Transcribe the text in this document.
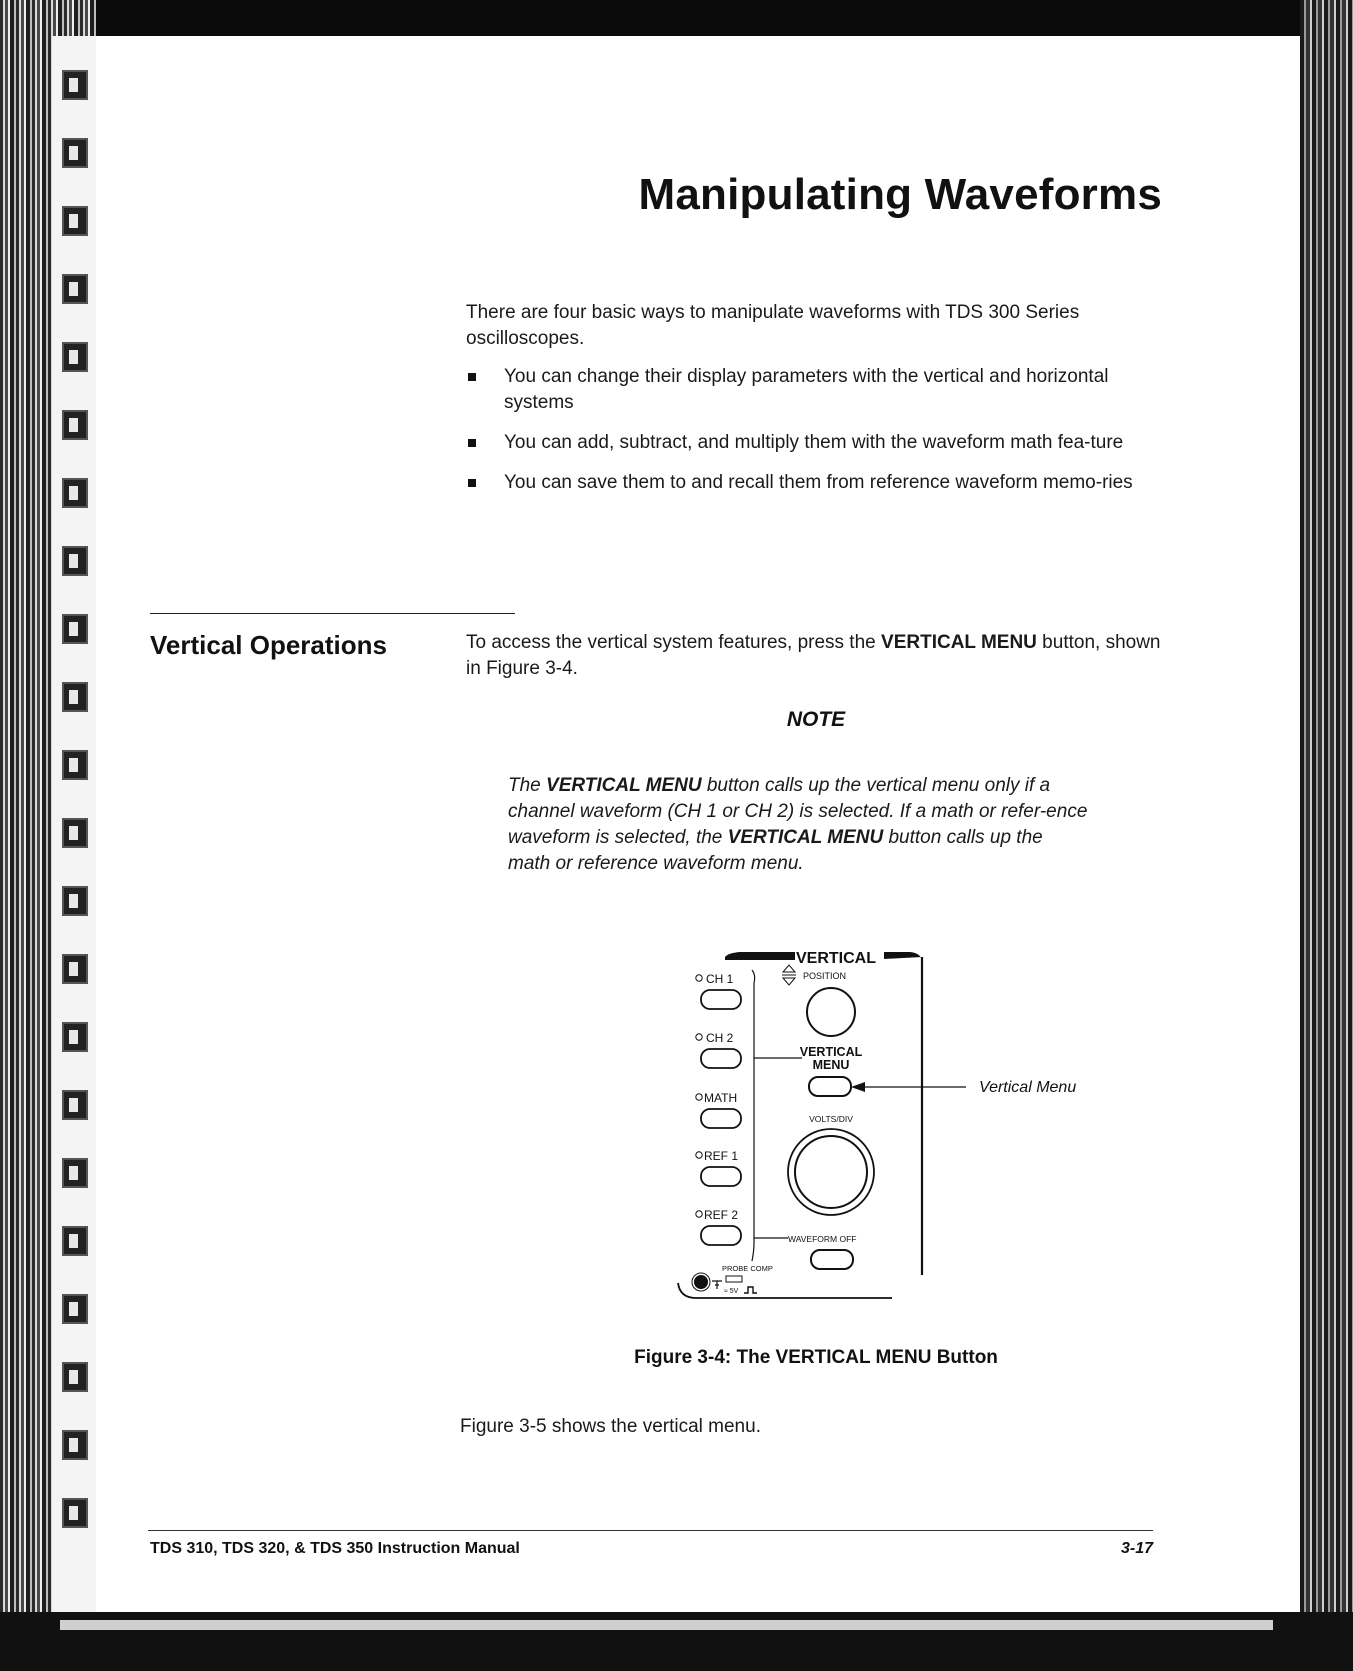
Manipulating Waveforms

There are four basic ways to manipulate waveforms with TDS 300 Series oscilloscopes.

You can change their display parameters with the vertical and horizontal systems
You can add, subtract, and multiply them with the waveform math fea-ture
You can save them to and recall them from reference waveform memo-ries
Vertical Operations	To access the vertical system features, press the VERTICAL MENU button, shown in Figure 3-4.

NOTE

The VERTICAL MENU button calls up the vertical menu only if a channel waveform (CH 1 or CH 2) is selected. If a math or refer-ence waveform is selected, the VERTICAL MENU button calls up the math or reference waveform menu.

VERTICAL
CH 1
CH 2
MATH
REF 1
REF 2
POSITION
VERTICAL
MENU
Vertical Menu
VOLTS/DIV
WAVEFORM OFF
PROBE COMP
≈ 5V

Figure 3-4: The VERTICAL MENU Button

Figure 3-5 shows the vertical menu.

TDS 310, TDS 320, & TDS 350 Instruction Manual	3-17
